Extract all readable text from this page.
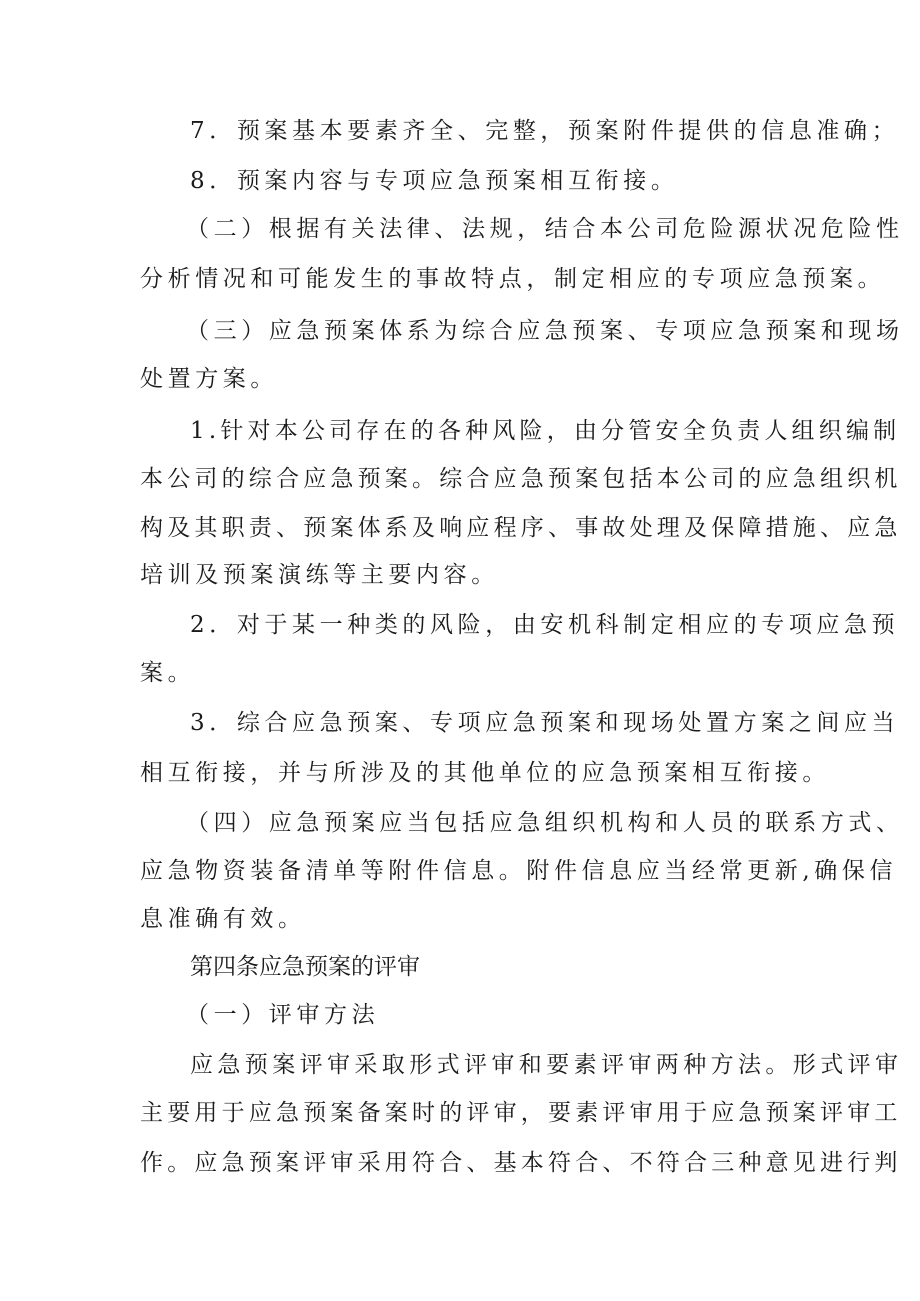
7．预案基本要素齐全、完整，预案附件提供的信息准确；
8．预案内容与专项应急预案相互衔接。
（二）根据有关法律、法规，结合本公司危险源状况危险性
分析情况和可能发生的事故特点，制定相应的专项应急预案。
（三）应急预案体系为综合应急预案、专项应急预案和现场
处置方案。
1.针对本公司存在的各种风险，由分管安全负责人组织编制
本公司的综合应急预案。综合应急预案包括本公司的应急组织机
构及其职责、预案体系及响应程序、事故处理及保障措施、应急
培训及预案演练等主要内容。
2．对于某一种类的风险，由安机科制定相应的专项应急预
案。
3．综合应急预案、专项应急预案和现场处置方案之间应当
相互衔接，并与所涉及的其他单位的应急预案相互衔接。
（四）应急预案应当包括应急组织机构和人员的联系方式、
应急物资装备清单等附件信息。附件信息应当经常更新,确保信
息准确有效。
第四条应急预案的评审
（一）评审方法
应急预案评审采取形式评审和要素评审两种方法。形式评审
主要用于应急预案备案时的评审，要素评审用于应急预案评审工
作。应急预案评审采用符合、基本符合、不符合三种意见进行判
